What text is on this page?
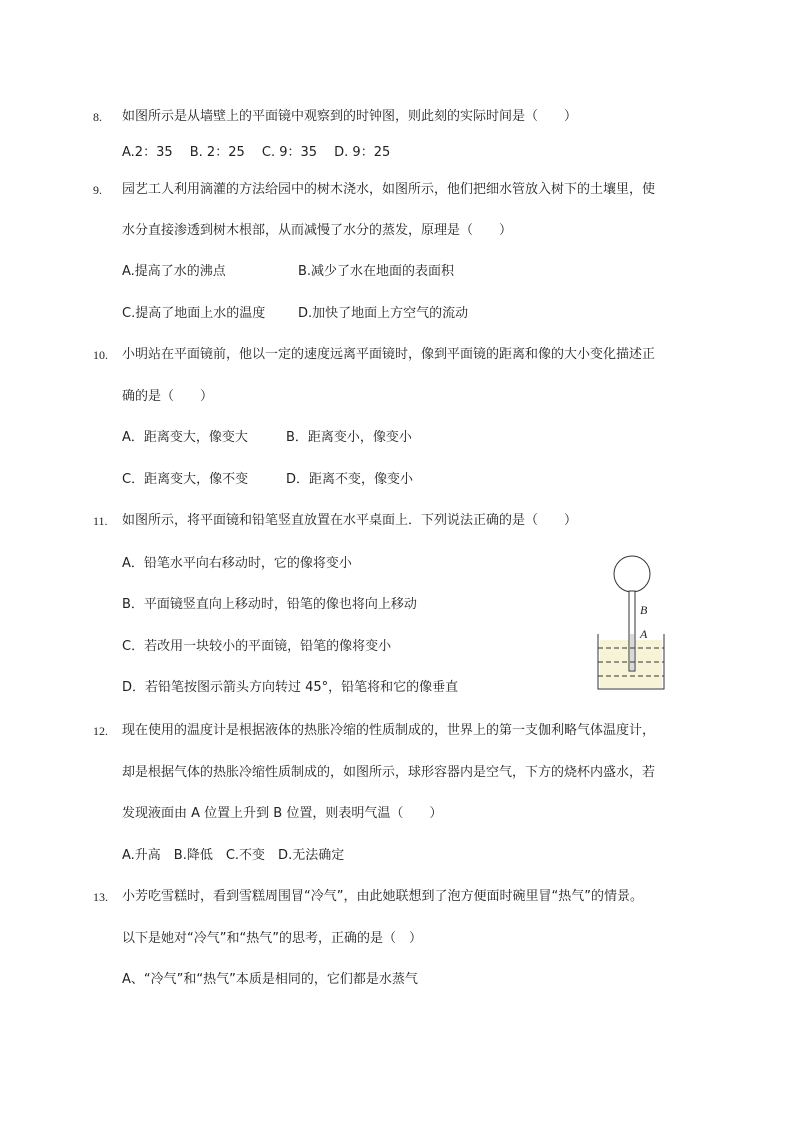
8. 如图所示是从墙壁上的平面镜中观察到的时钟图，则此刻的实际时间是（　　）
A.2：35　 B. 2：25　 C. 9：35　 D. 9：25
9. 园艺工人利用滴灌的方法给园中的树木浇水，如图所示，他们把细水管放入树下的土壤里，使
水分直接渗透到树木根部，从而减慢了水分的蒸发，原理是（　　）
A.提高了水的沸点	B.减少了水在地面的表面积
C.提高了地面上水的温度	D.加快了地面上方空气的流动
10. 小明站在平面镜前，他以一定的速度远离平面镜时，像到平面镜的距离和像的大小变化描述正
确的是（　　）
A．距离变大，像变大	B．距离变小，像变小
C．距离变大，像不变	D．距离不变，像变小
11. 如图所示，将平面镜和铅笔竖直放置在水平桌面上．下列说法正确的是（　　）
A．铅笔水平向右移动时，它的像将变小
B．平面镜竖直向上移动时，铅笔的像也将向上移动
C．若改用一块较小的平面镜，铅笔的像将变小
D．若铅笔按图示箭头方向转过 45°，铅笔将和它的像垂直
B
A
12. 现在使用的温度计是根据液体的热胀冷缩的性质制成的，世界上的第一支伽利略气体温度计，
却是根据气体的热胀冷缩性质制成的，如图所示，球形容器内是空气，下方的烧杯内盛水，若
发现液面由 A 位置上升到 B 位置，则表明气温（　　）
A.升高　B.降低　C.不变　D.无法确定
13. 小芳吃雪糕时，看到雪糕周围冒“冷气”，由此她联想到了泡方便面时碗里冒“热气”的情景。
以下是她对“冷气”和“热气”的思考，正确的是（　）
A、“冷气”和“热气”本质是相同的，它们都是水蒸气
